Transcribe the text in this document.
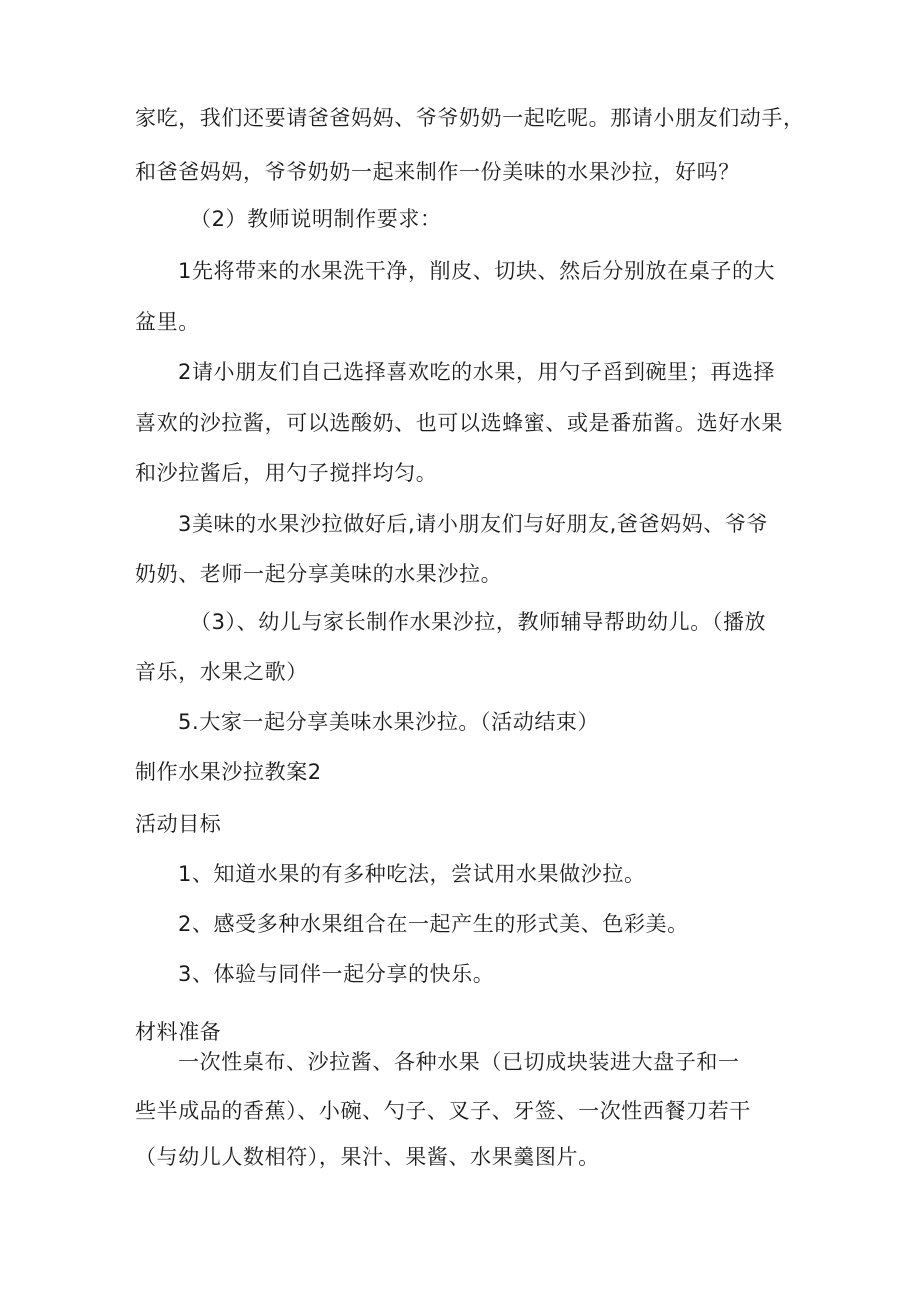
家吃，我们还要请爸爸妈妈、爷爷奶奶一起吃呢。那请小朋友们动手，
和爸爸妈妈，爷爷奶奶一起来制作一份美味的水果沙拉，好吗？
（2）教师说明制作要求：
1先将带来的水果洗干净，削皮、切块、然后分别放在桌子的大
盆里。
2请小朋友们自己选择喜欢吃的水果，用勺子舀到碗里；再选择
喜欢的沙拉酱，可以选酸奶、也可以选蜂蜜、或是番茄酱。选好水果
和沙拉酱后，用勺子搅拌均匀。
3美味的水果沙拉做好后,请小朋友们与好朋友,爸爸妈妈、爷爷
奶奶、老师一起分享美味的水果沙拉。
（3）、幼儿与家长制作水果沙拉，教师辅导帮助幼儿。（播放
音乐，水果之歌）
5.大家一起分享美味水果沙拉。（活动结束）
制作水果沙拉教案2
活动目标
1、知道水果的有多种吃法，尝试用水果做沙拉。
2、感受多种水果组合在一起产生的形式美、色彩美。
3、体验与同伴一起分享的快乐。
材料准备
一次性桌布、沙拉酱、各种水果（已切成块装进大盘子和一
些半成品的香蕉）、小碗、勺子、叉子、牙签、一次性西餐刀若干
（与幼儿人数相符），果汁、果酱、水果羹图片。
